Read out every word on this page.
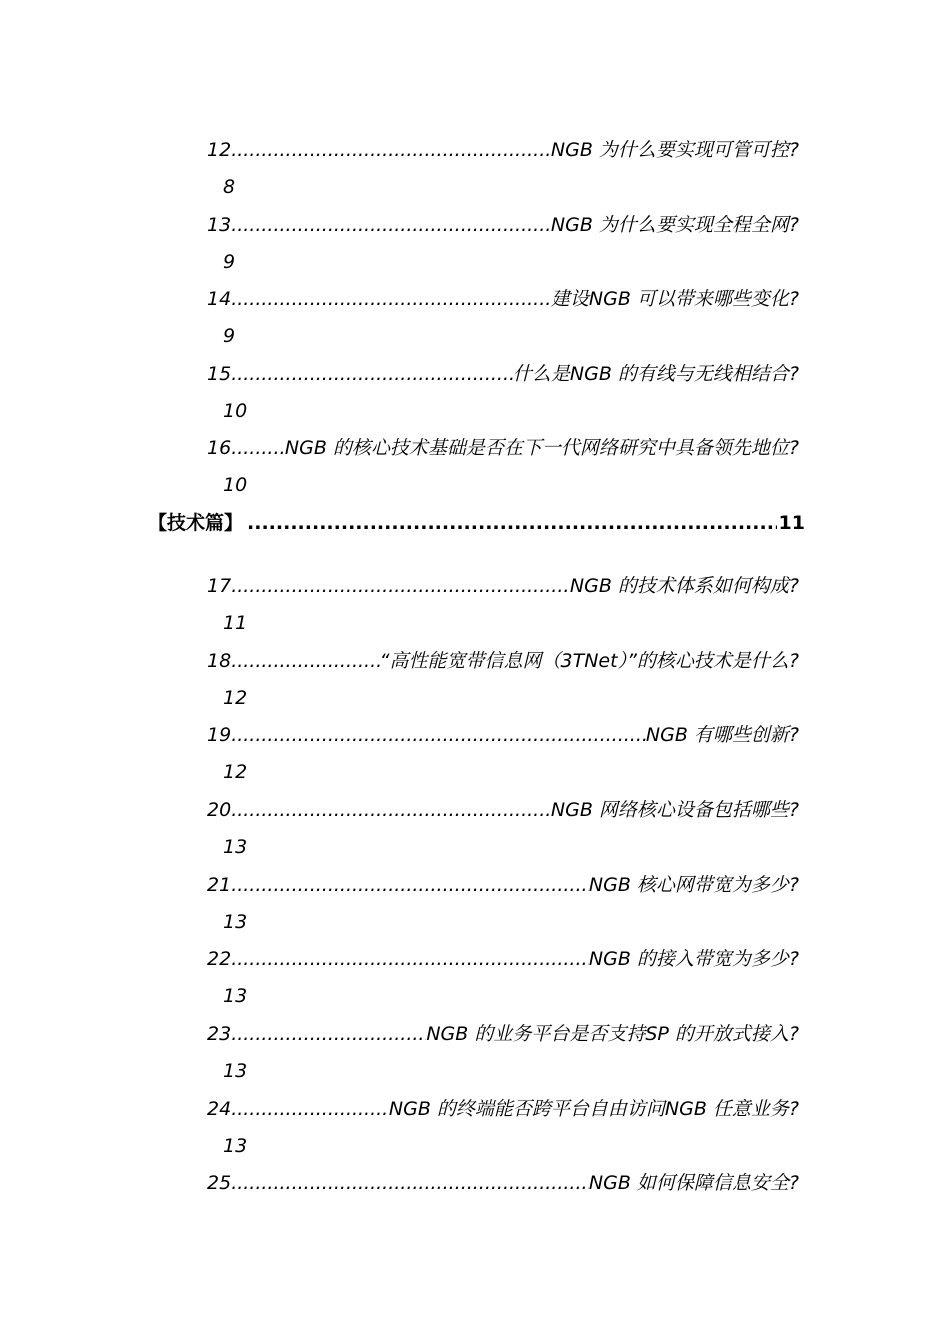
12 .....	NGB 为什么要实现可管可控?
8
13 .....	NGB 为什么要实现全程全网?
9
14 .....	建设NGB 可以带来哪些变化?
9
15 .....	什么是NGB 的有线与无线相结合?
10
16 .....	NGB 的核心技术基础是否在下一代网络研究中具备领先地位?
10
【技术篇】 .....	11
17 .....	NGB 的技术体系如何构成?
11
18 .....	“高性能宽带信息网（3TNet）”的核心技术是什么?
12
19 .....	NGB 有哪些创新?
12
20 .....	NGB 网络核心设备包括哪些?
13
21 .....	NGB 核心网带宽为多少?
13
22 .....	NGB 的接入带宽为多少?
13
23 .....	NGB 的业务平台是否支持SP 的开放式接入?
13
24 .....	NGB 的终端能否跨平台自由访问NGB 任意业务?
13
25 .....	NGB 如何保障信息安全?
